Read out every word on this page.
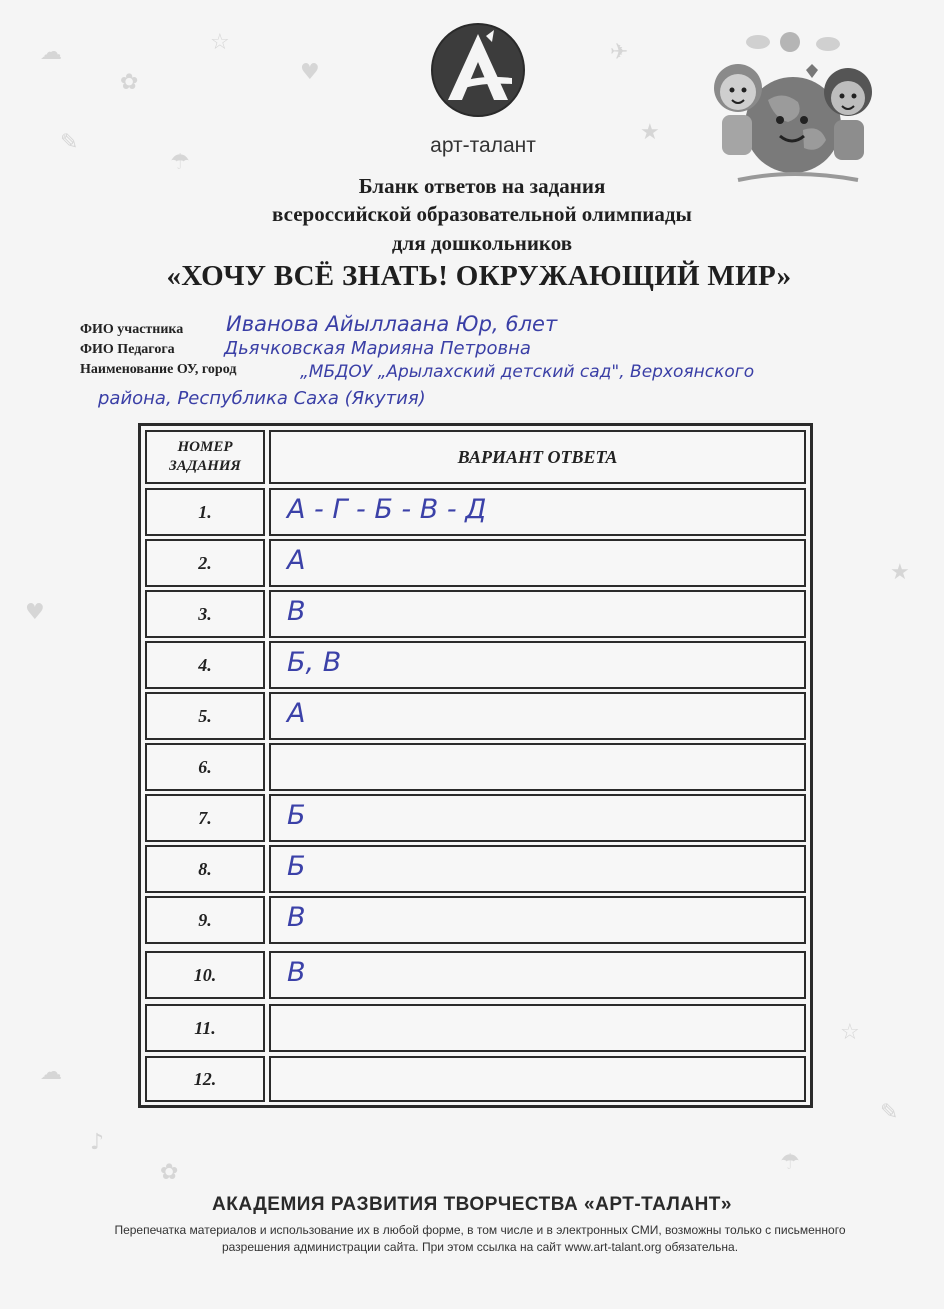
☁
✿
☆
♥
✎
☂
✈
★
☁
♪
✿
☆
✎
☂
♥
★
арт-талант
Бланк ответов на задания
всероссийской образовательной олимпиады
для дошкольников
«ХОЧУ ВСЁ ЗНАТЬ! ОКРУЖАЮЩИЙ МИР»
ФИО участника Иванова Айыллаана Юр, 6лет
ФИО Педагога	Дьячковская Марияна Петровна
Наименование ОУ, город	„МБДОУ „Арылахский детский сад", Верхоянского
района, Республика Саха (Якутия)
НОМЕР
ЗАДАНИЯ	ВАРИАНТ ОТВЕТА
1.	А - Г - Б - В - Д
2.	А
3.	В
4.	Б, В
5.	А
6.
7.	Б
8.	Б
9.	В
10.	В
11.
12.
АКАДЕМИЯ РАЗВИТИЯ ТВОРЧЕСТВА «АРТ-ТАЛАНТ»
Перепечатка материалов и использование их в любой форме, в том числе и в электронных СМИ, возможны только с письменного разрешения администрации сайта. При этом ссылка на сайт www.art-talant.org обязательна.
